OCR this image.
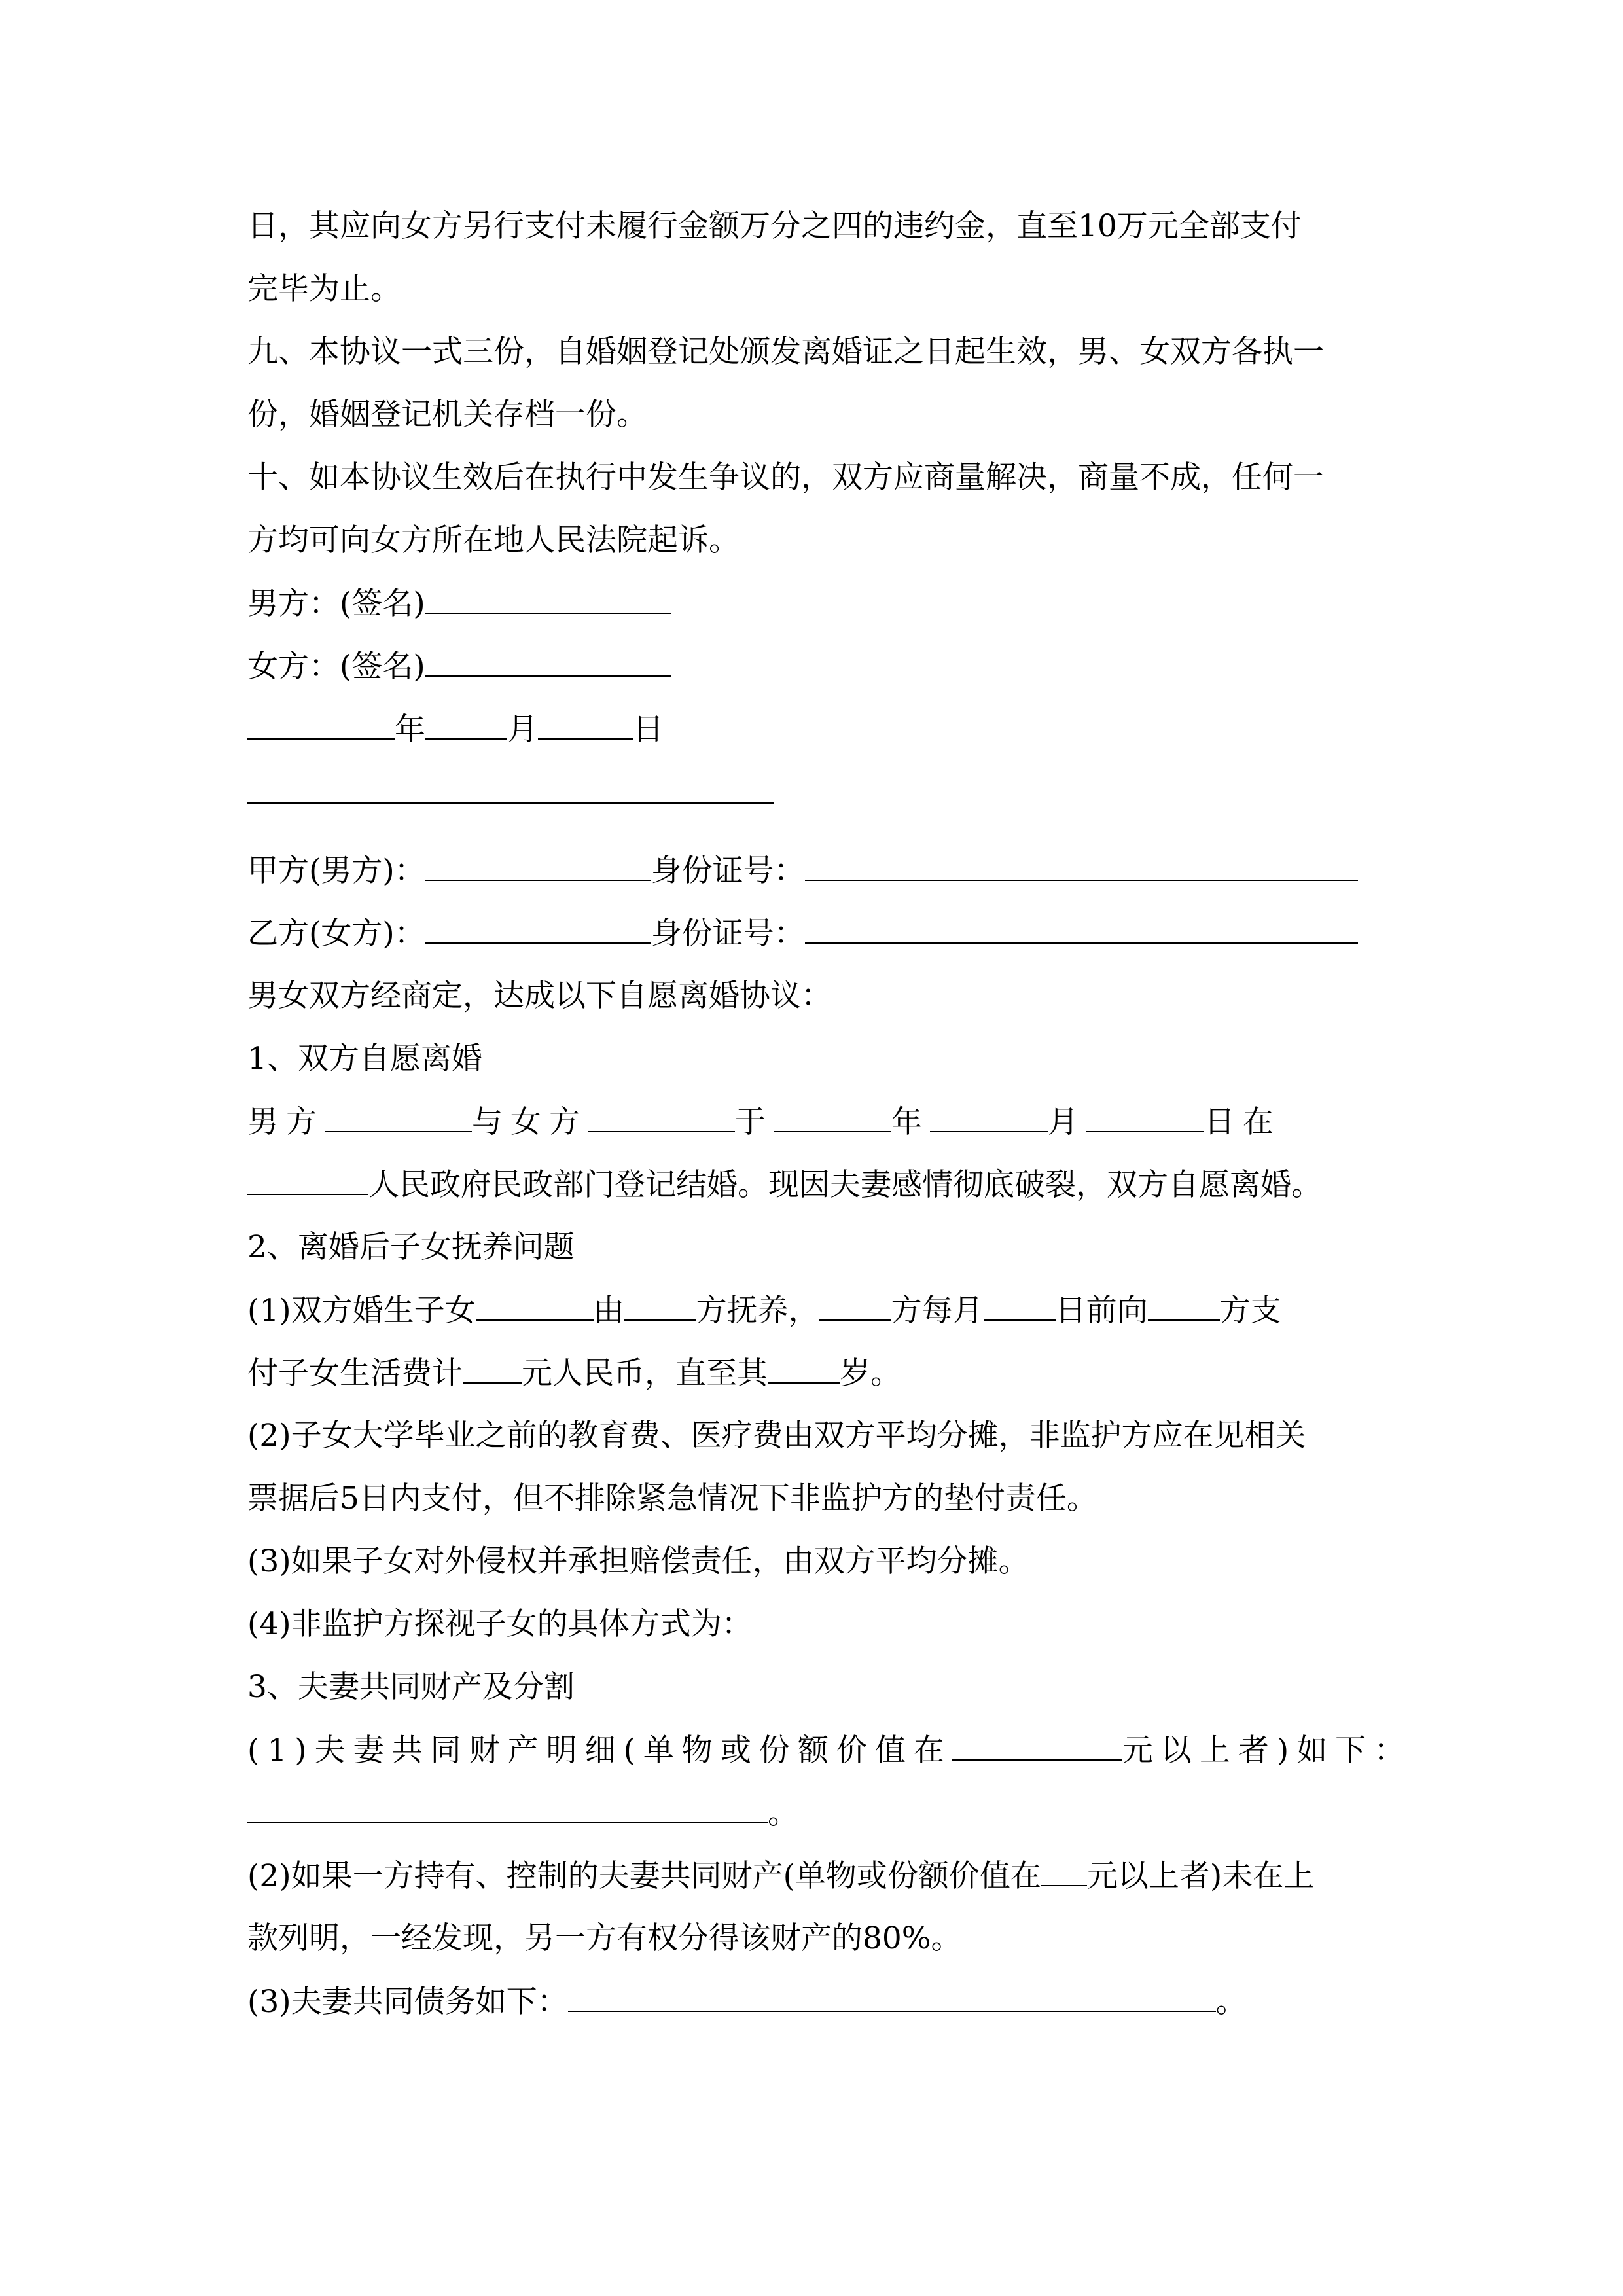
日，其应向女方另行支付未履行金额万分之四的违约金，直至10万元全部支付
完毕为止。
九、本协议一式三份，自婚姻登记处颁发离婚证之日起生效，男、女双方各执一
份，婚姻登记机关存档一份。
十、如本协议生效后在执行中发生争议的，双方应商量解决，商量不成，任何一
方均可向女方所在地人民法院起诉。
男方：(签名)
女方：(签名)
年	月	日
甲方(男方)：	身份证号：
乙方(女方)：	身份证号：
男女双方经商定，达成以下自愿离婚协议：
1、双方自愿离婚
男方	与女方	于	年	月	日在
人民政府民政部门登记结婚。现因夫妻感情彻底破裂，双方自愿离婚。
2、离婚后子女抚养问题
(1)双方婚生子女	由 方抚养， 方每月 日前向 方支
付子女生活费计 元人民币，直至其 岁。
(2)子女大学毕业之前的教育费、医疗费由双方平均分摊，非监护方应在见相关
票据后5日内支付，但不排除紧急情况下非监护方的垫付责任。
(3)如果子女对外侵权并承担赔偿责任，由双方平均分摊。
(4)非监护方探视子女的具体方式为：
3、夫妻共同财产及分割
(1)夫妻共同财产明细(单物或份额价值在	元以上者)如下：
。
(2)如果一方持有、控制的夫妻共同财产(单物或份额价值在 元以上者)未在上
款列明，一经发现，另一方有权分得该财产的80%。
(3)夫妻共同债务如下：	。
